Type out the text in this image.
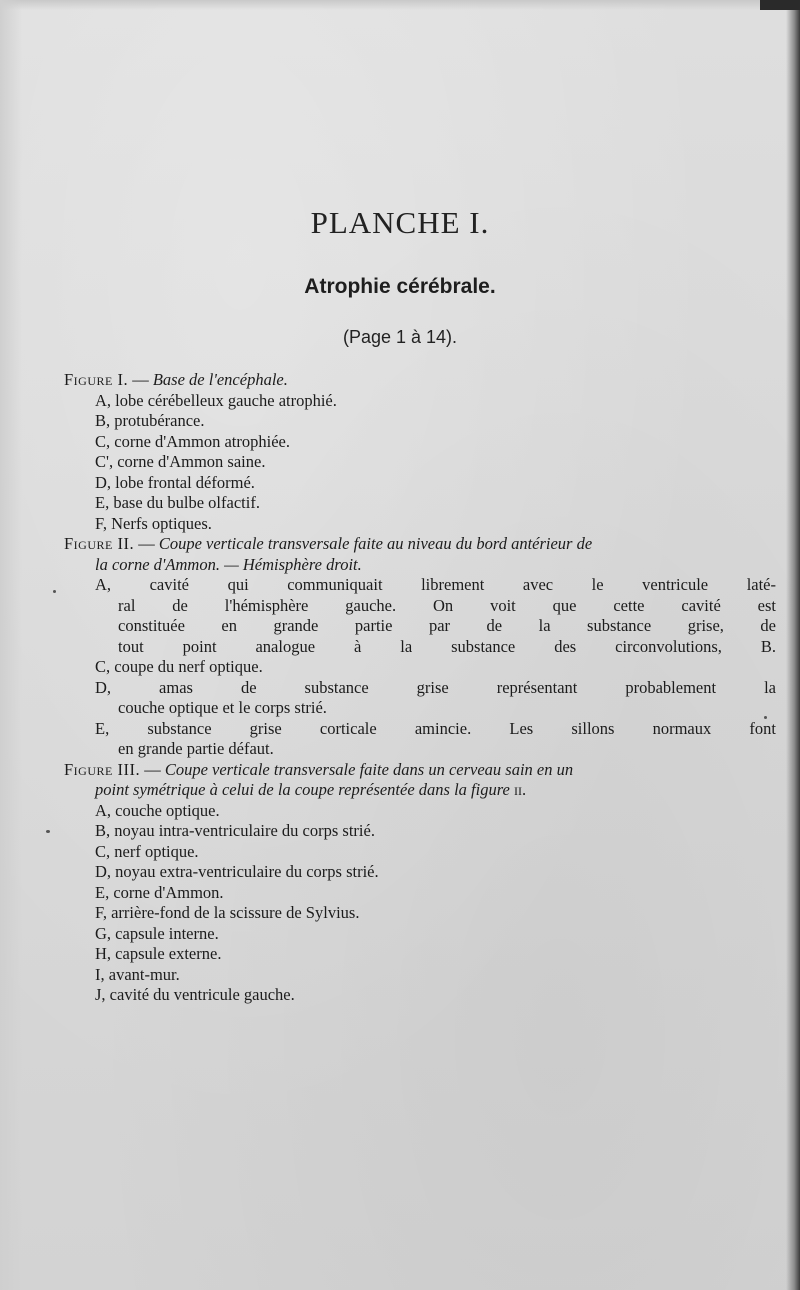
PLANCHE I.
Atrophie cérébrale.
(Page 1 à 14).
Figure I. — Base de l'encéphale.
A, lobe cérébelleux gauche atrophié.
B, protubérance.
C, corne d'Ammon atrophiée.
C', corne d'Ammon saine.
D, lobe frontal déformé.
E, base du bulbe olfactif.
F, Nerfs optiques.
Figure II. — Coupe verticale transversale faite au niveau du bord antérieur de
la corne d'Ammon. — Hémisphère droit.
A, cavité qui communiquait librement avec le ventricule laté-
ral de l'hémisphère gauche. On voit que cette cavité est
constituée en grande partie par de la substance grise, de
tout point analogue à la substance des circonvolutions, B.
C, coupe du nerf optique.
D, amas de substance grise représentant probablement la
couche optique et le corps strié.
E, substance grise corticale amincie. Les sillons normaux font
en grande partie défaut.
Figure III. — Coupe verticale transversale faite dans un cerveau sain en un
point symétrique à celui de la coupe représentée dans la figure ii.
A, couche optique.
B, noyau intra-ventriculaire du corps strié.
C, nerf optique.
D, noyau extra-ventriculaire du corps strié.
E, corne d'Ammon.
F, arrière-fond de la scissure de Sylvius.
G, capsule interne.
H, capsule externe.
I, avant-mur.
J, cavité du ventricule gauche.
